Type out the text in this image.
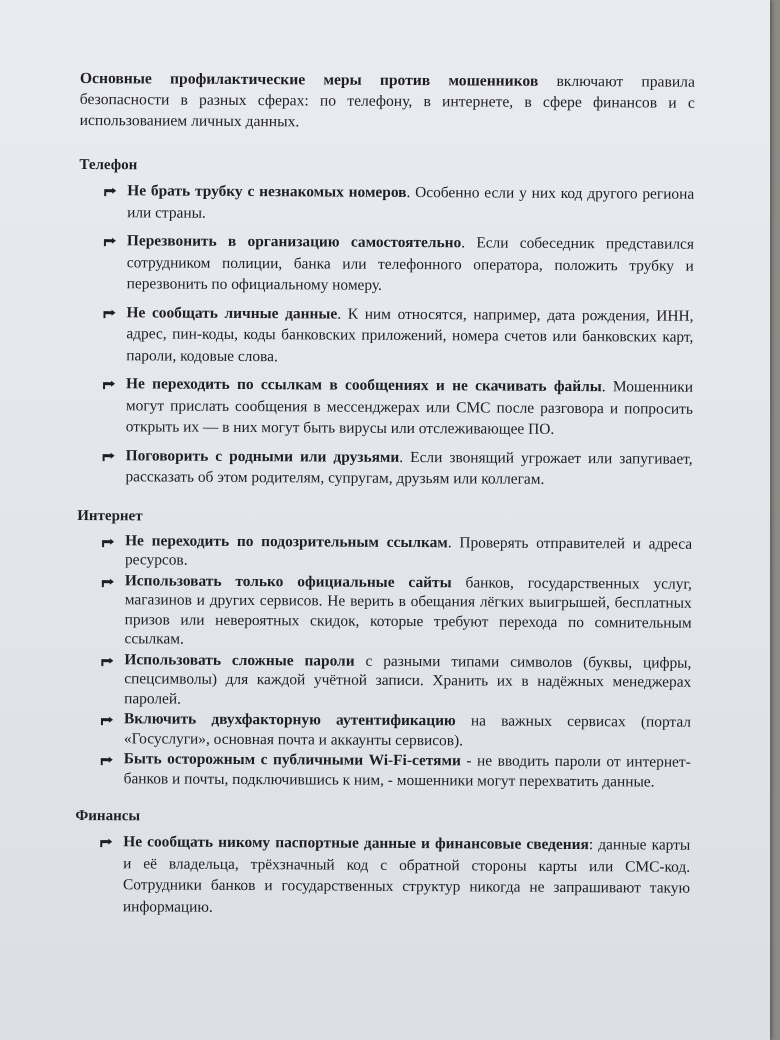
Основные профилактические меры против мошенников включают правила безопасности в разных сферах: по телефону, в интернете, в сфере финансов и с использованием личных данных.

Телефон
Не брать трубку с незнакомых номеров. Особенно если у них код другого региона или страны.
Перезвонить в организацию самостоятельно. Если собеседник представился сотрудником полиции, банка или телефонного оператора, положить трубку и перезвонить по официальному номеру.
Не сообщать личные данные. К ним относятся, например, дата рождения, ИНН, адрес, пин-коды, коды банковских приложений, номера счетов или банковских карт, пароли, кодовые слова.
Не переходить по ссылкам в сообщениях и не скачивать файлы. Мошенники могут прислать сообщения в мессенджерах или СМС после разговора и попросить открыть их — в них могут быть вирусы или отслеживающее ПО.
Поговорить с родными или друзьями. Если звонящий угрожает или запугивает, рассказать об этом родителям, супругам, друзьям или коллегам.
Интернет
Не переходить по подозрительным ссылкам. Проверять отправителей и адреса ресурсов.
Использовать только официальные сайты банков, государственных услуг, магазинов и других сервисов. Не верить в обещания лёгких выигрышей, бесплатных призов или невероятных скидок, которые требуют перехода по сомнительным ссылкам.
Использовать сложные пароли с разными типами символов (буквы, цифры, спецсимволы) для каждой учётной записи. Хранить их в надёжных менеджерах паролей.
Включить двухфакторную аутентификацию на важных сервисах (портал «Госуслуги», основная почта и аккаунты сервисов).
Быть осторожным с публичными Wi-Fi-сетями - не вводить пароли от интернет-банков и почты, подключившись к ним, - мошенники могут перехватить данные.
Финансы
Не сообщать никому паспортные данные и финансовые сведения: данные карты и её владельца, трёхзначный код с обратной стороны карты или СМС-код. Сотрудники банков и государственных структур никогда не запрашивают такую информацию.
